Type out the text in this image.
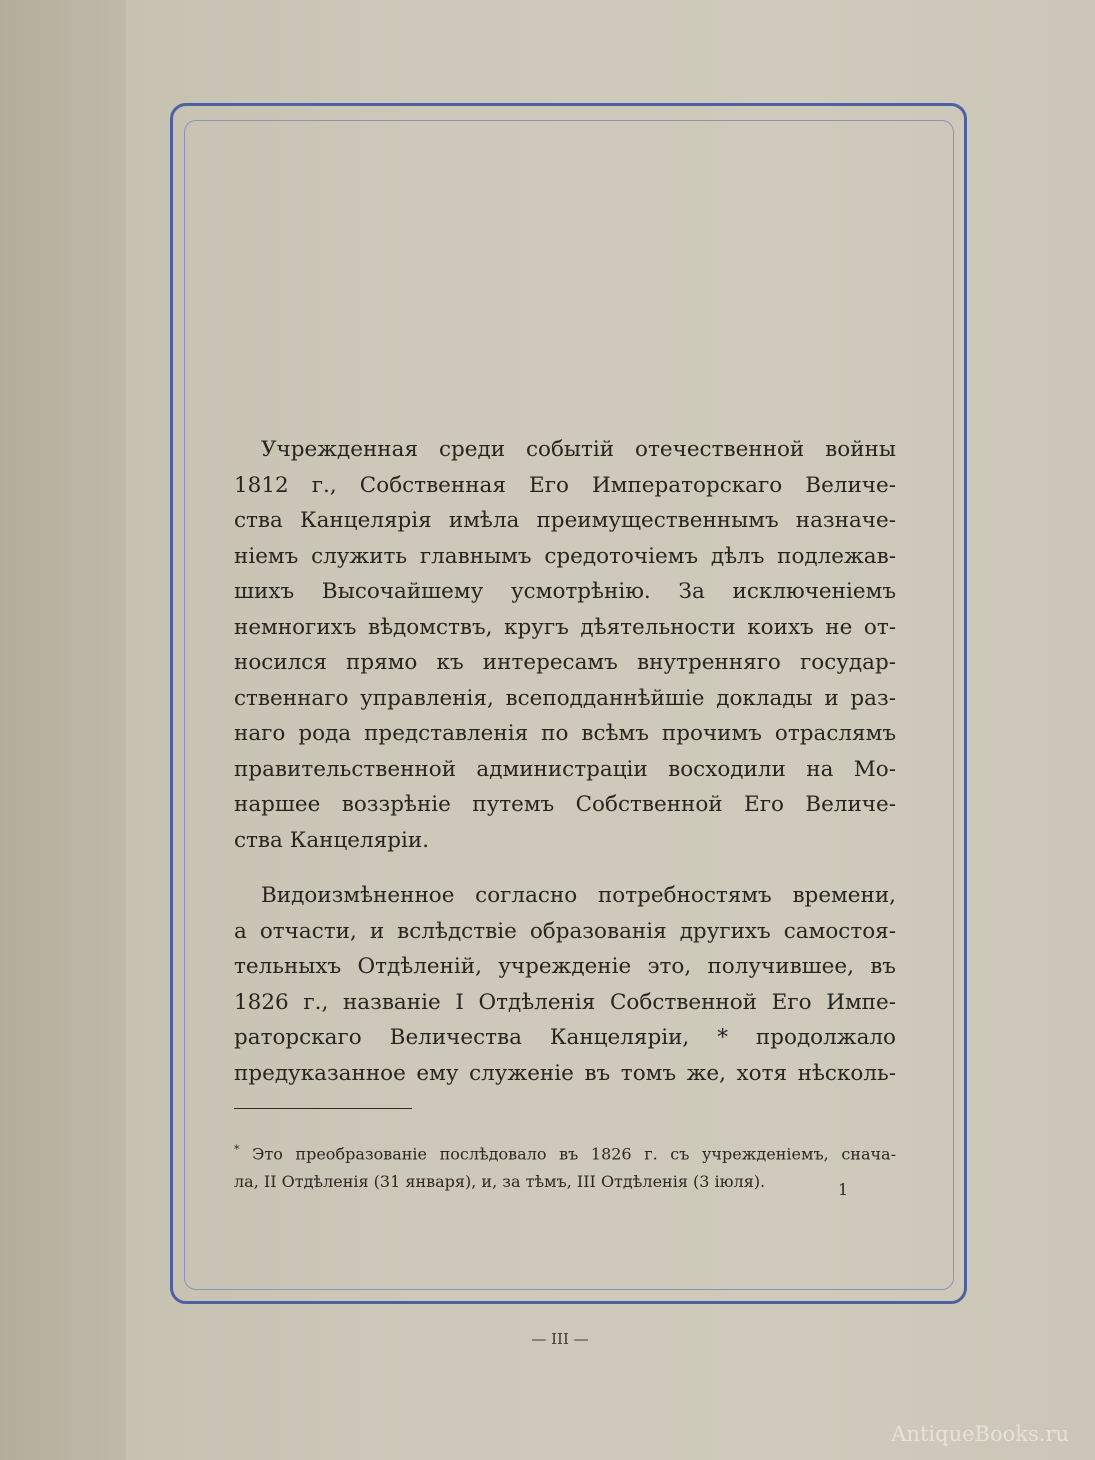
Учрежденная среди событій отечественной войны
1812 г., Собственная Его Императорскаго Величе-
ства Канцелярія имѣла преимущественнымъ назначе-
ніемъ служить главнымъ средоточіемъ дѣлъ подлежав-
шихъ Высочайшему усмотрѣнію. За исключеніемъ
немногихъ вѣдомствъ, кругъ дѣятельности коихъ не от-
носился прямо къ интересамъ внутренняго государ-
ственнаго управленія, всеподданнѣйшіе доклады и раз-
наго рода представленія по всѣмъ прочимъ отраслямъ
правительственной администраціи восходили на Мо-
наршее воззрѣніе путемъ Собственной Его Величе-
ства Канцеляріи.
Видоизмѣненное согласно потребностямъ времени,
а отчасти, и вслѣдствіе образованія другихъ самостоя-
тельныхъ Отдѣленій, учрежденіе это, получившее, въ
1826 г., названіе I Отдѣленія Собственной Его Импе-
раторскаго Величества Канцеляріи, * продолжало
предуказанное ему служеніе въ томъ же, хотя нѣсколь-
* Это преобразованіе послѣдовало въ 1826 г. съ учрежденіемъ, снача-
ла, II Отдѣленія (31 января), и, за тѣмъ, III Отдѣленія (3 іюля).	1
— III —
AntiqueBooks.ru
